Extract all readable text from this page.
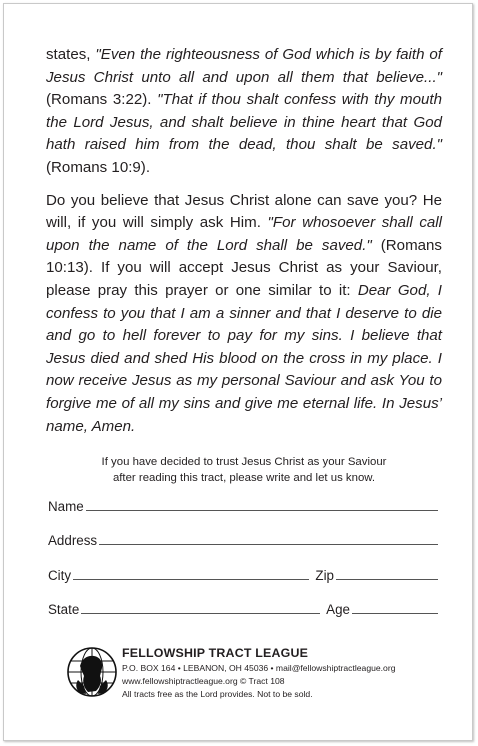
states, "Even the righteousness of God which is by faith of Jesus Christ unto all and upon all them that believe..." (Romans 3:22). "That if thou shalt confess with thy mouth the Lord Jesus, and shalt believe in thine heart that God hath raised him from the dead, thou shalt be saved." (Romans 10:9).

Do you believe that Jesus Christ alone can save you? He will, if you will simply ask Him. "For whosoever shall call upon the name of the Lord shall be saved." (Romans 10:13). If you will accept Jesus Christ as your Saviour, please pray this prayer or one similar to it: Dear God, I confess to you that I am a sinner and that I deserve to die and go to hell forever to pay for my sins. I believe that Jesus died and shed His blood on the cross in my place. I now receive Jesus as my personal Saviour and ask You to forgive me of all my sins and give me eternal life. In Jesus’ name, Amen.

If you have decided to trust Jesus Christ as your Saviour
after reading this tract, please write and let us know.
Name
Address
City	Zip
State	Age
FELLOWSHIP TRACT LEAGUE
P.O. BOX 164 • LEBANON, OH 45036 • mail@fellowshiptractleague.org
www.fellowshiptractleague.org © Tract 108
All tracts free as the Lord provides. Not to be sold.
